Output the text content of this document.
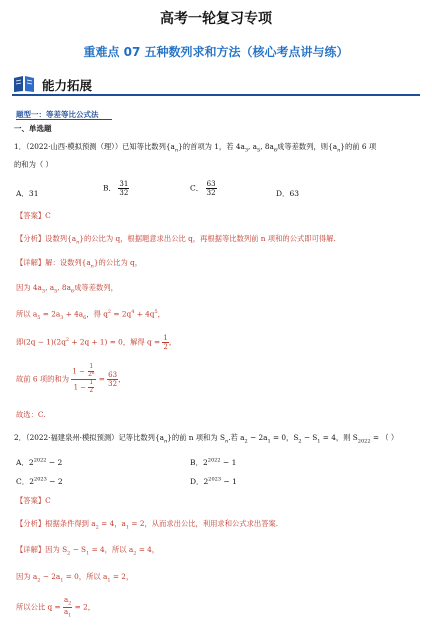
高考一轮复习专项
重难点 07 五种数列求和方法（核心考点讲与练）
能力拓展
题型一：等差等比公式法
一、单选题
1．（2022·山西·模拟预测（理））已知等比数列$\{a_n\}$的首项为 1，若 $4a_3$, $a_5$, $8a_6$成等差数列，则$\{a_n\}$的前 6 项
的和为（ ）
A．31
B． $\frac{31}{32}$	C． $\frac{63}{32}$	D．63
【答案】C
【分析】设数列$\{a_n\}$的公比为 q，根据题意求出公比 q，再根据等比数列前 n 项和的公式即可得解.
【详解】解：设数列$\{a_n\}$的公比为 q，
因为 $4a_3$, $a_5$, $8a_6$成等差数列，
所以 $a_5 = 2a_3 + 4a_6$，得 $q^2 = 2q^4 + 4q^5$，
即$(2q - 1)(2q^2 + 2q + 1) = 0$，解得 $q = \frac{1}{2}$ ，
故前 6 项的和为 $\frac{1 - \frac{1}{\text{2⁶}}}{1 - \frac{1}{2}} = \frac{63}{32}$ ，
故选：C.
2．（2022·福建泉州·模拟预测）记等比数列$\{a_n\}$的前 n 项和为 $S_n$.若 $a_2 - 2a_1 = 0$，$S_2 - S_1 = 4$，则 $S_{2022}$ = （ ）
A．$2^{2022} - 2$	B．$2^{2022} - 1$
C．$2^{2023} - 2$	D．$2^{2023} - 1$
【答案】C
【分析】根据条件得到 $a_2 = 4$，$a_1 = 2$，从而求出公比，利用求和公式求出答案.
【详解】因为 $S_2 - S_1 = 4$，所以 $a_2 = 4$，
因为 $a_2 - 2a_1 = 0$，所以 $a_1 = 2$，
所以公比 $q = \frac{a_2}{a_1} = 2$，
